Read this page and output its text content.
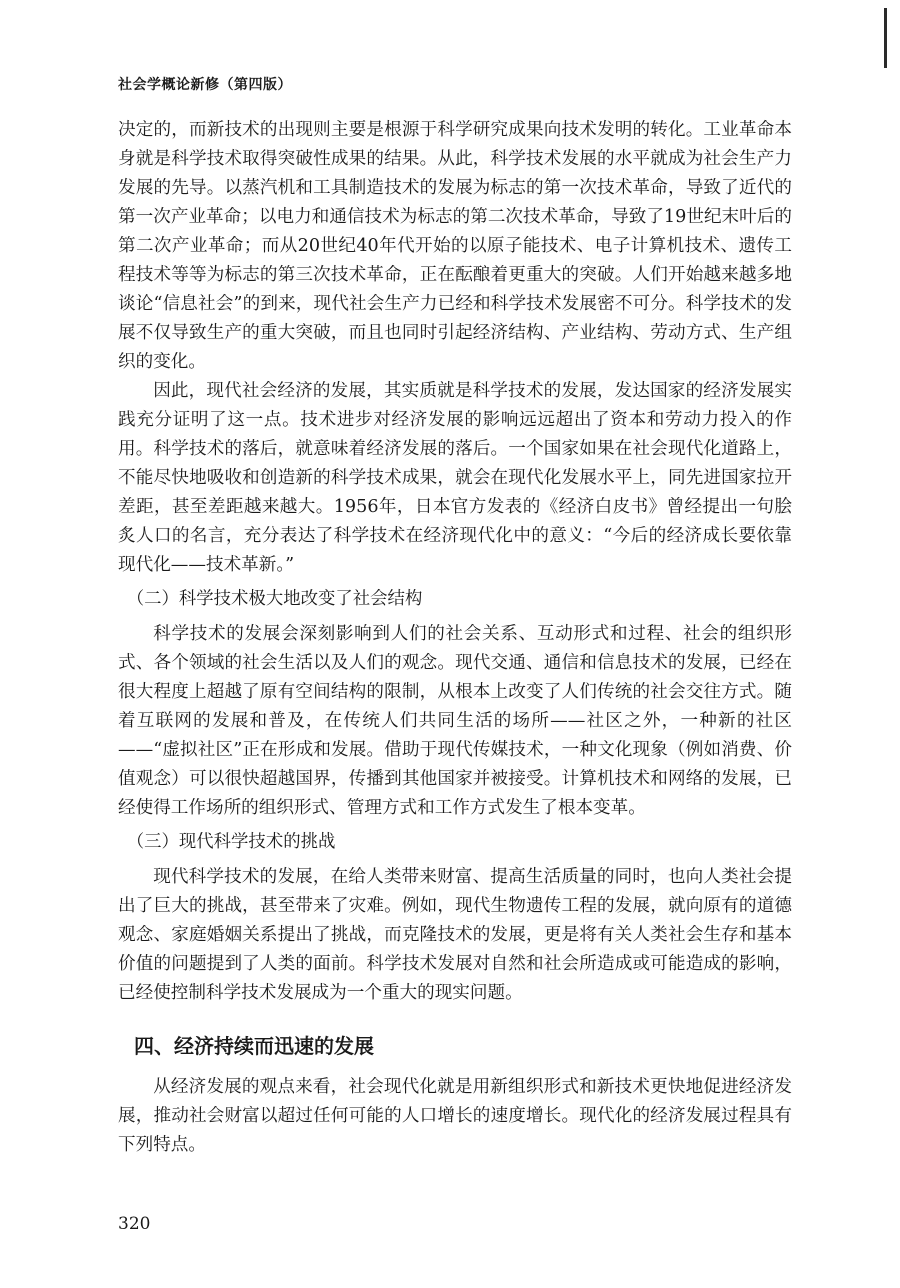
社会学概论新修（第四版）

决定的，而新技术的出现则主要是根源于科学研究成果向技术发明的转化。工业革命本身就是科学技术取得突破性成果的结果。从此，科学技术发展的水平就成为社会生产力发展的先导。以蒸汽机和工具制造技术的发展为标志的第一次技术革命，导致了近代的第一次产业革命；以电力和通信技术为标志的第二次技术革命，导致了19世纪末叶后的第二次产业革命；而从20世纪40年代开始的以原子能技术、电子计算机技术、遗传工程技术等等为标志的第三次技术革命，正在酝酿着更重大的突破。人们开始越来越多地谈论“信息社会”的到来，现代社会生产力已经和科学技术发展密不可分。科学技术的发展不仅导致生产的重大突破，而且也同时引起经济结构、产业结构、劳动方式、生产组织的变化。

因此，现代社会经济的发展，其实质就是科学技术的发展，发达国家的经济发展实践充分证明了这一点。技术进步对经济发展的影响远远超出了资本和劳动力投入的作用。科学技术的落后，就意味着经济发展的落后。一个国家如果在社会现代化道路上，不能尽快地吸收和创造新的科学技术成果，就会在现代化发展水平上，同先进国家拉开差距，甚至差距越来越大。1956年，日本官方发表的《经济白皮书》曾经提出一句脍炙人口的名言，充分表达了科学技术在经济现代化中的意义：“今后的经济成长要依靠现代化——技术革新。”

（二）科学技术极大地改变了社会结构

科学技术的发展会深刻影响到人们的社会关系、互动形式和过程、社会的组织形式、各个领域的社会生活以及人们的观念。现代交通、通信和信息技术的发展，已经在很大程度上超越了原有空间结构的限制，从根本上改变了人们传统的社会交往方式。随着互联网的发展和普及，在传统人们共同生活的场所——社区之外，一种新的社区——“虚拟社区”正在形成和发展。借助于现代传媒技术，一种文化现象（例如消费、价值观念）可以很快超越国界，传播到其他国家并被接受。计算机技术和网络的发展，已经使得工作场所的组织形式、管理方式和工作方式发生了根本变革。

（三）现代科学技术的挑战

现代科学技术的发展，在给人类带来财富、提高生活质量的同时，也向人类社会提出了巨大的挑战，甚至带来了灾难。例如，现代生物遗传工程的发展，就向原有的道德观念、家庭婚姻关系提出了挑战，而克隆技术的发展，更是将有关人类社会生存和基本价值的问题提到了人类的面前。科学技术发展对自然和社会所造成或可能造成的影响，已经使控制科学技术发展成为一个重大的现实问题。

四、经济持续而迅速的发展

从经济发展的观点来看，社会现代化就是用新组织形式和新技术更快地促进经济发展，推动社会财富以超过任何可能的人口增长的速度增长。现代化的经济发展过程具有下列特点。

320
